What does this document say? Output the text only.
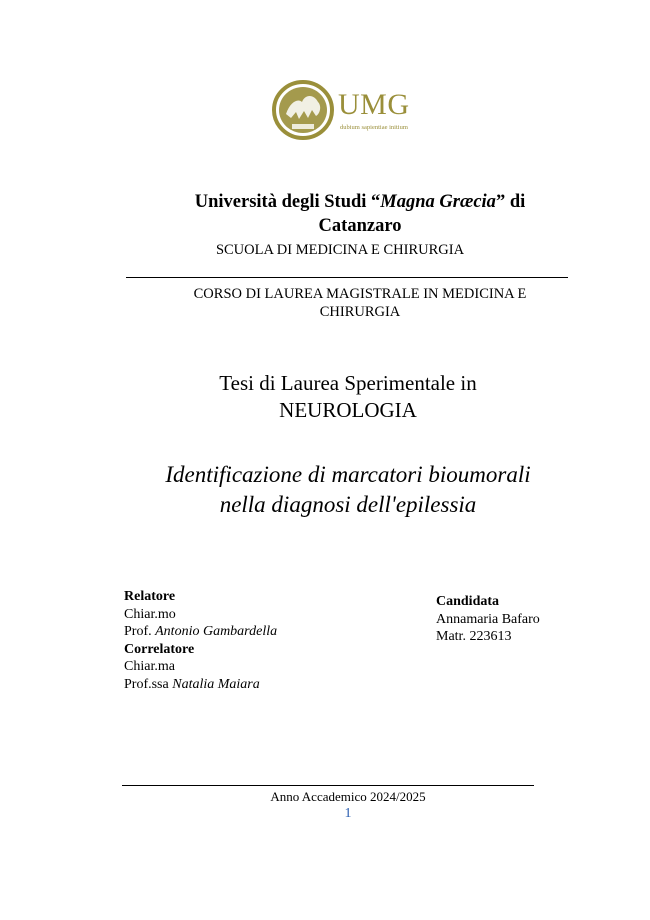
UMG
dubium sapientiae initium
Università degli Studi “Magna Græcia” di
Catanzaro
SCUOLA DI MEDICINA E CHIRURGIA
CORSO DI LAUREA MAGISTRALE IN MEDICINA E
CHIRURGIA
Tesi di Laurea Sperimentale in
NEUROLOGIA
Identificazione di marcatori bioumorali
nella diagnosi dell'epilessia
Relatore
Chiar.mo
Prof. Antonio Gambardella
Correlatore
Chiar.ma
Prof.ssa Natalia Maiara
Candidata
Annamaria Bafaro
Matr. 223613
Anno Accademico 2024/2025
1
